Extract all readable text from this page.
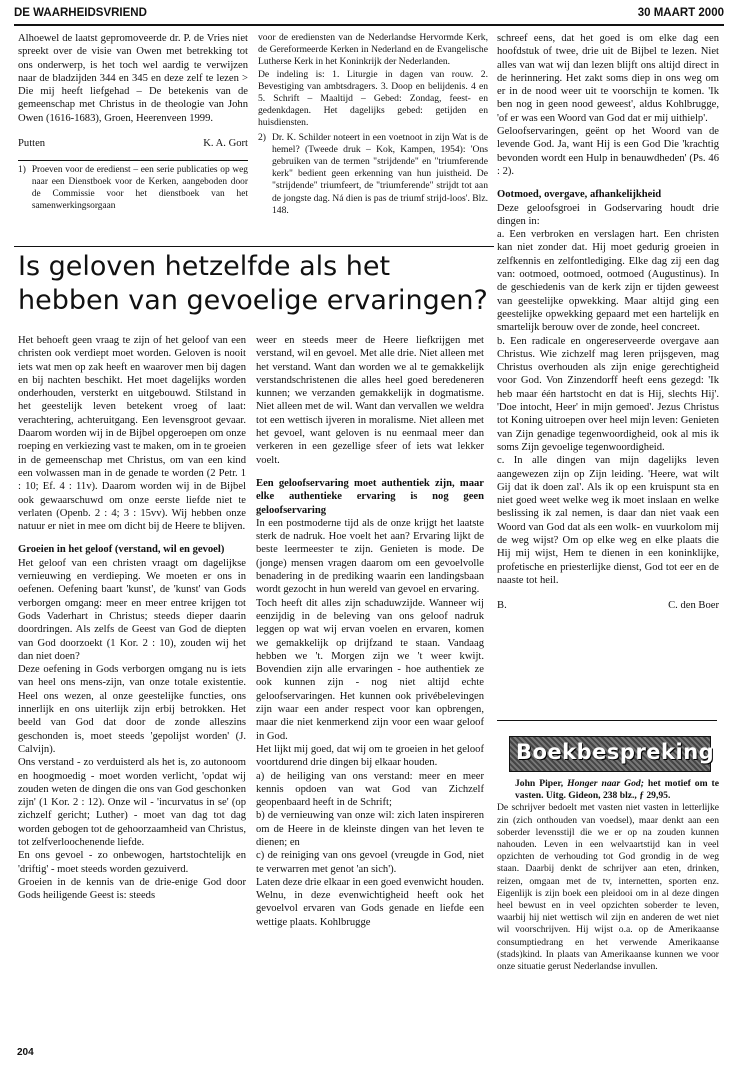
DE WAARHEIDSVRIEND	30 MAART 2000

Alhoewel de laatst gepromoveerde dr. P. de Vries niet spreekt over de visie van Owen met betrekking tot ons onderwerp, is het toch wel aardig te verwijzen naar de bladzijden 344 en 345 en deze zelf te lezen > Die mij heeft liefgehad – De betekenis van de gemeenschap met Christus in de theologie van John Owen (1616-1683), Groen, Heerenveen 1999.

Putten	K. A. Gort
1) Proeven voor de eredienst – een serie publicaties op weg naar een Dienstboek voor de Kerken, aangeboden door de Commissie voor het dienstboek van het samenwerkingsorgaan

voor de erediensten van de Nederlandse Hervormde Kerk, de Gereformeerde Kerken in Nederland en de Evangelische Lutherse Kerk in het Koninkrijk der Nederlanden.

De indeling is: 1. Liturgie in dagen van rouw. 2. Bevestiging van ambtsdragers. 3. Doop en belijdenis. 4 en 5. Schrift – Maaltijd – Gebed: Zondag, feest- en gedenkdagen. Het dagelijks gebed: getijden en huisdiensten.

2) Dr. K. Schilder noteert in een voetnoot in zijn Wat is de hemel? (Tweede druk – Kok, Kampen, 1954): 'Ons gebruiken van de termen "strijdende" en "triumferende kerk" bedient geen erkenning van hun juistheid. De "strijdende" triumfeert, de "triumferende" strijdt tot aan de jongste dag. Ná dien is pas de triumf strijd-loos'. Blz. 148.
Is geloven hetzelfde als het hebben van gevoelige ervaringen?

Het behoeft geen vraag te zijn of het geloof van een christen ook verdiept moet worden. Geloven is nooit iets wat men op zak heeft en waarover men bij dagen en bij nachten beschikt. Het moet dagelijks worden onderhouden, versterkt en uitgebouwd. Stilstand in het geestelijk leven betekent vroeg of laat: verachtering, achteruitgang. Een levensgroot gevaar. Daarom worden wij in de Bijbel opgeroepen om onze roeping en verkiezing vast te maken, om in te groeien in de gemeenschap met Christus, om van een kind een volwassen man in de genade te worden (2 Petr. 1 : 10; Ef. 4 : 11v). Daarom worden wij in de Bijbel ook gewaarschuwd om onze eerste liefde niet te verlaten (Openb. 2 : 4; 3 : 15vv). Wij hebben onze natuur er niet in mee om dicht bij de Heere te blijven.

Groeien in het geloof (verstand, wil en gevoel)

Het geloof van een christen vraagt om dagelijkse vernieuwing en verdieping. We moeten er ons in oefenen. Oefening baart 'kunst', de 'kunst' van Gods verborgen omgang: meer en meer entree krijgen tot Gods Vaderhart in Christus; steeds dieper daarin doordringen. Als zelfs de Geest van God de diepten van God doorzoekt (1 Kor. 2 : 10), zouden wij het dan niet doen?

Deze oefening in Gods verborgen omgang nu is iets van heel ons mens-zijn, van onze totale existentie. Heel ons wezen, al onze geestelijke functies, ons innerlijk en ons uiterlijk zijn erbij betrokken. Het beeld van God dat door de zonde alleszins geschonden is, moet steeds 'gepolijst worden' (J. Calvijn).

Ons verstand - zo verduisterd als het is, zo autonoom en hoogmoedig - moet worden verlicht, 'opdat wij zouden weten de dingen die ons van God geschonken zijn' (1 Kor. 2 : 12). Onze wil - 'incurvatus in se' (op zichzelf gericht; Luther) - moet van dag tot dag worden gebogen tot de gehoorzaamheid van Christus, tot zelfverloochenende liefde.

En ons gevoel - zo onbewogen, hartstochtelijk en 'driftig' - moet steeds worden gezuiverd.

Groeien in de kennis van de drie-enige God door Gods heiligende Geest is: steeds

weer en steeds meer de Heere liefkrijgen met verstand, wil en gevoel. Met alle drie. Niet alleen met het verstand. Want dan worden we al te gemakkelijk verstandschristenen die alles heel goed beredeneren kunnen; we verzanden gemakkelijk in dogmatisme. Niet alleen met de wil. Want dan vervallen we weldra tot een wettisch ijveren in moralisme. Niet alleen met het gevoel, want geloven is nu eenmaal meer dan verkeren in een gezellige sfeer of iets wat lekker voelt.

Een geloofservaring moet authentiek zijn, maar elke authentieke ervaring is nog geen geloofservaring

In een postmoderne tijd als de onze krijgt het laatste sterk de nadruk. Hoe voelt het aan? Ervaring lijkt de beste leermeester te zijn. Genieten is mode. De (jonge) mensen vragen daarom om een gevoelvolle benadering in de prediking waarin een landingsbaan wordt gezocht in hun wereld van gevoel en ervaring.

Toch heeft dit alles zijn schaduwzijde. Wanneer wij eenzijdig in de beleving van ons geloof nadruk leggen op wat wij ervan voelen en ervaren, komen we gemakkelijk op drijfzand te staan. Vandaag hebben we 't. Morgen zijn we 't weer kwijt. Bovendien zijn alle ervaringen - hoe authentiek ze ook kunnen zijn - nog niet altijd echte geloofservaringen. Het kunnen ook privébelevingen zijn waar een ander respect voor kan opbrengen, maar die niet kenmerkend zijn voor een waar geloof in God.

Het lijkt mij goed, dat wij om te groeien in het geloof voortdurend drie dingen bij elkaar houden.

a) de heiliging van ons verstand: meer en meer kennis opdoen van wat God van Zichzelf geopenbaard heeft in de Schrift;

b) de vernieuwing van onze wil: zich laten inspireren om de Heere in de kleinste dingen van het leven te dienen; en

c) de reiniging van ons gevoel (vreugde in God, niet te verwarren met genot 'an sich').

Laten deze drie elkaar in een goed evenwicht houden.

Welnu, in deze evenwichtigheid heeft ook het gevoelvol ervaren van Gods genade en liefde een wettige plaats. Kohlbrugge

schreef eens, dat het goed is om elke dag een hoofdstuk of twee, drie uit de Bijbel te lezen. Niet alles van wat wij dan lezen blijft ons altijd direct in de herinnering. Het zakt soms diep in ons weg om er in de nood weer uit te voorschijn te komen. 'Ik ben nog in geen nood geweest', aldus Kohlbrugge, 'of er was een Woord van God dat er mij uithielp'.

Geloofservaringen, geënt op het Woord van de levende God. Ja, want Hij is een God Die 'krachtig bevonden wordt een Hulp in benauwdheden' (Ps. 46 : 2).

Ootmoed, overgave, afhankelijkheid

Deze geloofsgroei in Godservaring houdt drie dingen in:

a. Een verbroken en verslagen hart. Een christen kan niet zonder dat. Hij moet gedurig groeien in zelfkennis en zelfontlediging. Elke dag zij een dag van: ootmoed, ootmoed, ootmoed (Augustinus). In de geschiedenis van de kerk zijn er tijden geweest van geestelijke opwekking. Maar altijd ging een geestelijke opwekking gepaard met een hartelijk en smartelijk berouw over de zonde, heel concreet.

b. Een radicale en ongereserveerde overgave aan Christus. Wie zichzelf mag leren prijsgeven, mag Christus overhouden als zijn enige gerechtigheid voor God. Von Zinzendorff heeft eens gezegd: 'Ik heb maar één hartstocht en dat is Hij, slechts Hij'. 'Doe intocht, Heer' in mijn gemoed'. Jezus Christus tot Koning uitroepen over heel mijn leven: Genieten van Zijn genadige tegenwoordigheid, ook al mis ik soms Zijn gevoelige tegenwoordigheid.

c. In alle dingen van mijn dagelijks leven aangewezen zijn op Zijn leiding. 'Heere, wat wilt Gij dat ik doen zal'. Als ik op een kruispunt sta en niet goed weet welke weg ik moet inslaan en welke beslissing ik zal nemen, is daar dan niet vaak een Woord van God dat als een wolk- en vuurkolom mij de weg wijst? Om op elke weg en elke plaats die Hij mij wijst, Hem te dienen in een koninklijke, profetische en priesterlijke dienst, God tot eer en de naaste tot heil.

B.	C. den Boer
Boekbespreking

John Piper, Honger naar God; het motief om te vasten. Uitg. Gideon, 238 blz., ƒ 29,95.

De schrijver bedoelt met vasten niet vasten in letterlijke zin (zich onthouden van voedsel), maar denkt aan een soberder levensstijl die we er op na zouden kunnen nahouden. Leven in een welvaartstijd kan in veel opzichten de verhouding tot God grondig in de weg staan. Daarbij denkt de schrijver aan eten, drinken, reizen, omgaan met de tv, internetten, sporten enz. Eigenlijk is zijn boek een pleidooi om in al deze dingen heel bewust en in veel opzichten soberder te leven, waarbij hij niet wettisch wil zijn en anderen de wet niet wil voorschrijven. Hij wijst o.a. op de Amerikaanse consumptiedrang en het verwende Amerikaanse (stads)kind. In plaats van Amerikaanse kunnen we voor onze situatie gerust Nederlandse invullen.

204
